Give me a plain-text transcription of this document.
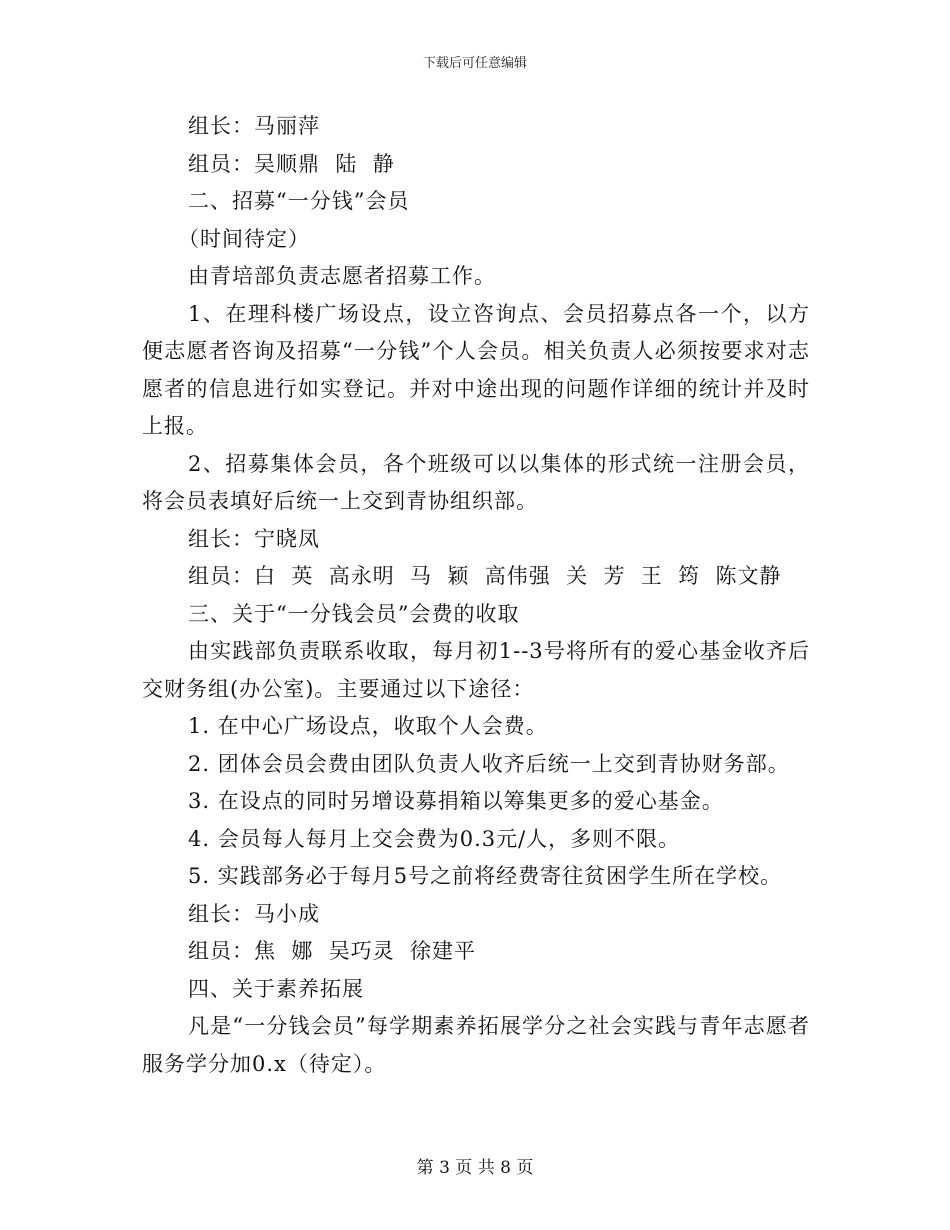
下载后可任意编辑

组长：马丽萍

组员：吴顺鼎  陆  静

二、招募“一分钱”会员

（时间待定）

由青培部负责志愿者招募工作。

1、在理科楼广场设点，设立咨询点、会员招募点各一个，以方便志愿者咨询及招募“一分钱”个人会员。相关负责人必须按要求对志愿者的信息进行如实登记。并对中途出现的问题作详细的统计并及时上报。

2、招募集体会员，各个班级可以以集体的形式统一注册会员，将会员表填好后统一上交到青协组织部。

组长：宁晓凤

组员：白  英  高永明  马  颖  高伟强  关  芳  王  筠  陈文静

三、关于“一分钱会员”会费的收取

由实践部负责联系收取，每月初1--3号将所有的爱心基金收齐后交财务组(办公室)。主要通过以下途径：

1. 在中心广场设点，收取个人会费。

2. 团体会员会费由团队负责人收齐后统一上交到青协财务部。

3. 在设点的同时另增设募捐箱以筹集更多的爱心基金。

4. 会员每人每月上交会费为0.3元/人，多则不限。

5. 实践部务必于每月5号之前将经费寄往贫困学生所在学校。

组长：马小成

组员：焦  娜  吴巧灵  徐建平

四、关于素养拓展

凡是“一分钱会员”每学期素养拓展学分之社会实践与青年志愿者服务学分加0.x（待定）。

第 3 页 共 8 页
